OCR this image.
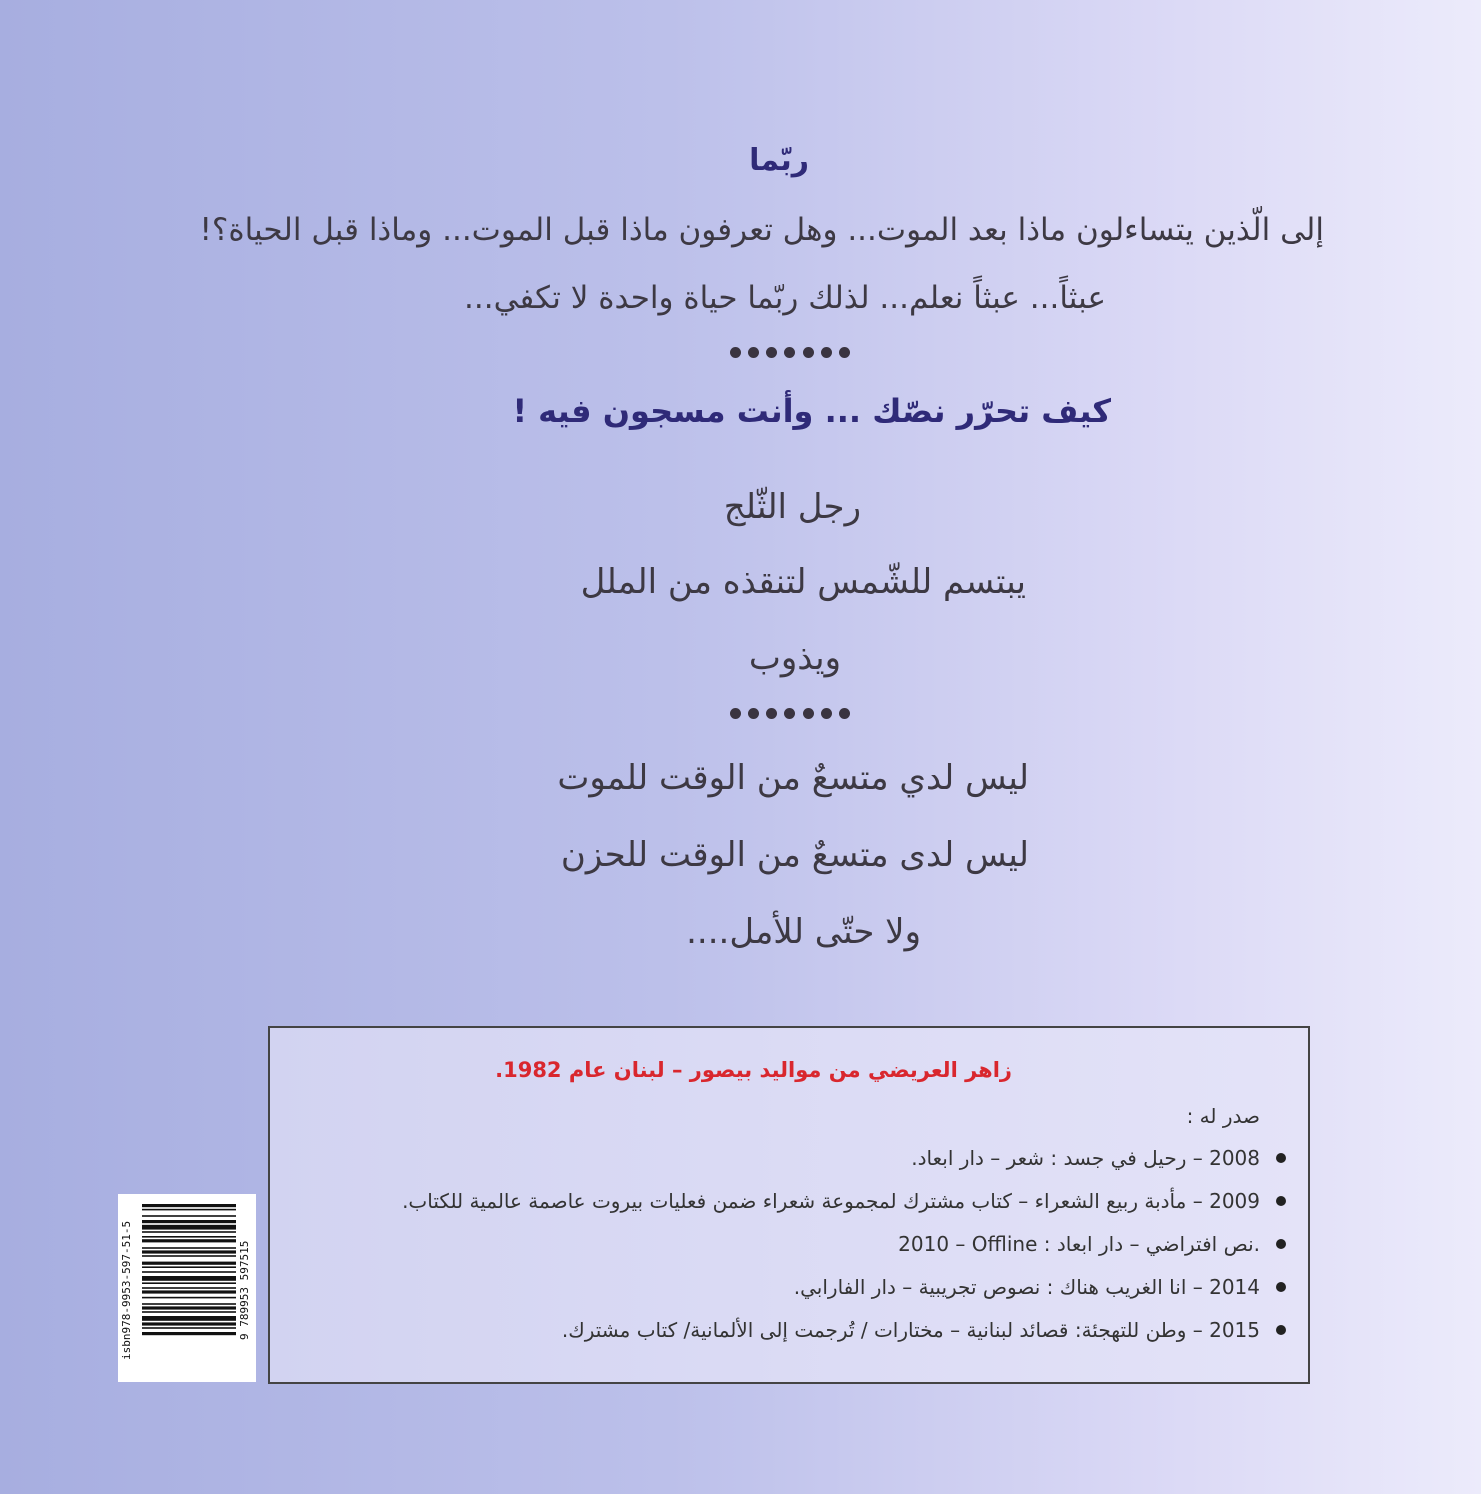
ربّما
إلى الّذين يتساءلون ماذا بعد الموت... وهل تعرفون ماذا قبل الموت... وماذا قبل الحياة؟!
عبثاً... عبثاً نعلم... لذلك ربّما حياة واحدة لا تكفي...
كيف تحرّر نصّك ... وأنت مسجون فيه !
رجل الثّلج
يبتسم للشّمس لتنقذه من الملل
ويذوب
ليس لدي متسعٌ من الوقت للموت
ليس لدى متسعٌ من الوقت للحزن
ولا حتّى للأمل....
زاهر العريضي من مواليد بيصور – لبنان عام 1982.
صدر له :
2008 – رحيل في جسد : شعر – دار ابعاد.
2009 – مأدبة ربيع الشعراء – كتاب مشترك لمجموعة شعراء ضمن فعليات بيروت عاصمة عالمية للكتاب.
2010 – Offline : نص افتراضي – دار ابعاد.
2014 – انا الغريب هناك : نصوص تجريبية – دار الفارابي.
2015 – وطن للتهجئة: قصائد لبنانية – مختارات / تُرجمت إلى الألمانية/ كتاب مشترك.
isbn978-9953-597-51-5	9 789953 597515
